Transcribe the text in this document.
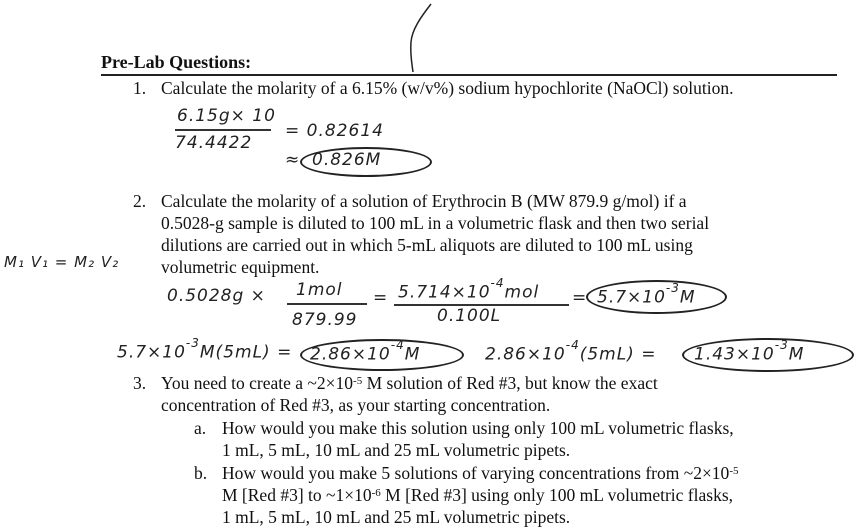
Pre-Lab Questions:
1. Calculate the molarity of a 6.15% (w/v%) sodium hypochlorite (NaOCl) solution.
6.15g× 10
74.4422
= 0.82614
≈ 0.826M
2. Calculate the molarity of a solution of Erythrocin B (MW 879.9 g/mol) if a
0.5028-g sample is diluted to 100 mL in a volumetric flask and then two serial
dilutions are carried out in which 5-mL aliquots are diluted to 100 mL using
volumetric equipment.
M₁ V₁ = M₂ V₂
0.5028g × 1mol
879.99
= $5.714\times 10^{-4}mol$
0.100L
= $5.7\times 10^{-3}M$
$5.7\times 10^{-3}M(5mL) = 2.86\times 10^{-4}M$	$2.86\times 10^{-4}(5mL) = 1.43\times 10^{-3}M$
3. You need to create a $\sim 2\times 10^{-5}$ M solution of Red #3, but know the exact
concentration of Red #3, as your starting concentration.
a. How would you make this solution using only 100 mL volumetric flasks,
1 mL, 5 mL, 10 mL and 25 mL volumetric pipets.
b. How would you make 5 solutions of varying concentrations from $\sim 2\times 10^{-5}$
M [Red #3] to $\sim 1\times 10^{-6}$ M [Red #3] using only 100 mL volumetric flasks,
1 mL, 5 mL, 10 mL and 25 mL volumetric pipets.
